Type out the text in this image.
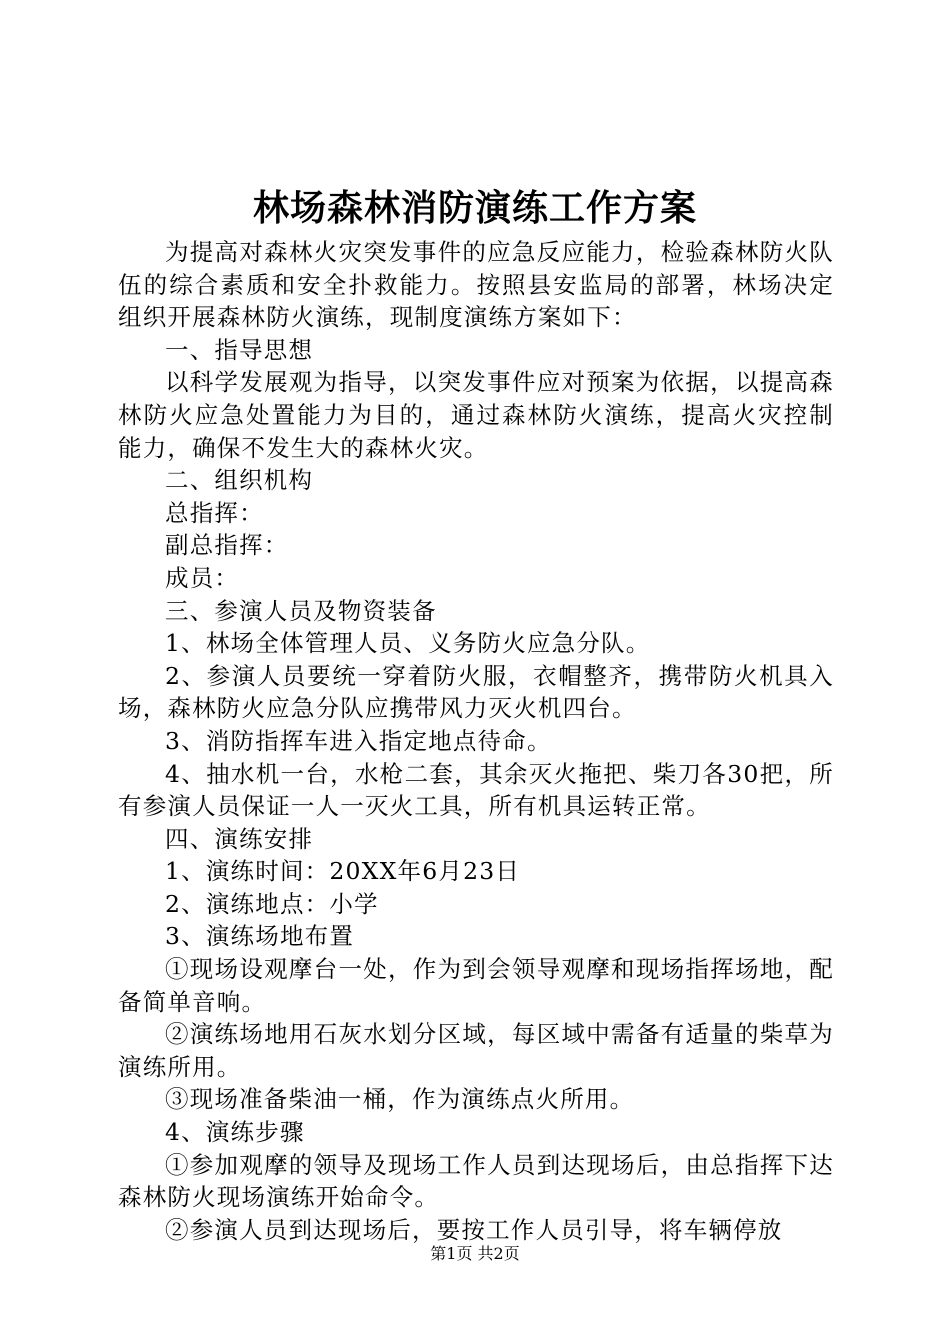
林场森林消防演练工作方案

为提高对森林火灾突发事件的应急反应能力，检验森林防火队伍的综合素质和安全扑救能力。按照县安监局的部署，林场决定组织开展森林防火演练，现制度演练方案如下：

一、指导思想

以科学发展观为指导，以突发事件应对预案为依据，以提高森林防火应急处置能力为目的，通过森林防火演练，提高火灾控制能力，确保不发生大的森林火灾。

二、组织机构

总指挥：

副总指挥：

成员：

三、参演人员及物资装备

1、林场全体管理人员、义务防火应急分队。

2、参演人员要统一穿着防火服，衣帽整齐，携带防火机具入场，森林防火应急分队应携带风力灭火机四台。

3、消防指挥车进入指定地点待命。

4、抽水机一台，水枪二套，其余灭火拖把、柴刀各30把，所有参演人员保证一人一灭火工具，所有机具运转正常。

四、演练安排

1、演练时间：20XX年6月23日

2、演练地点：小学

3、演练场地布置

①现场设观摩台一处，作为到会领导观摩和现场指挥场地，配备简单音响。

②演练场地用石灰水划分区域，每区域中需备有适量的柴草为演练所用。

③现场准备柴油一桶，作为演练点火所用。

4、演练步骤

①参加观摩的领导及现场工作人员到达现场后，由总指挥下达森林防火现场演练开始命令。

②参演人员到达现场后，要按工作人员引导，将车辆停放

第1页 共2页
